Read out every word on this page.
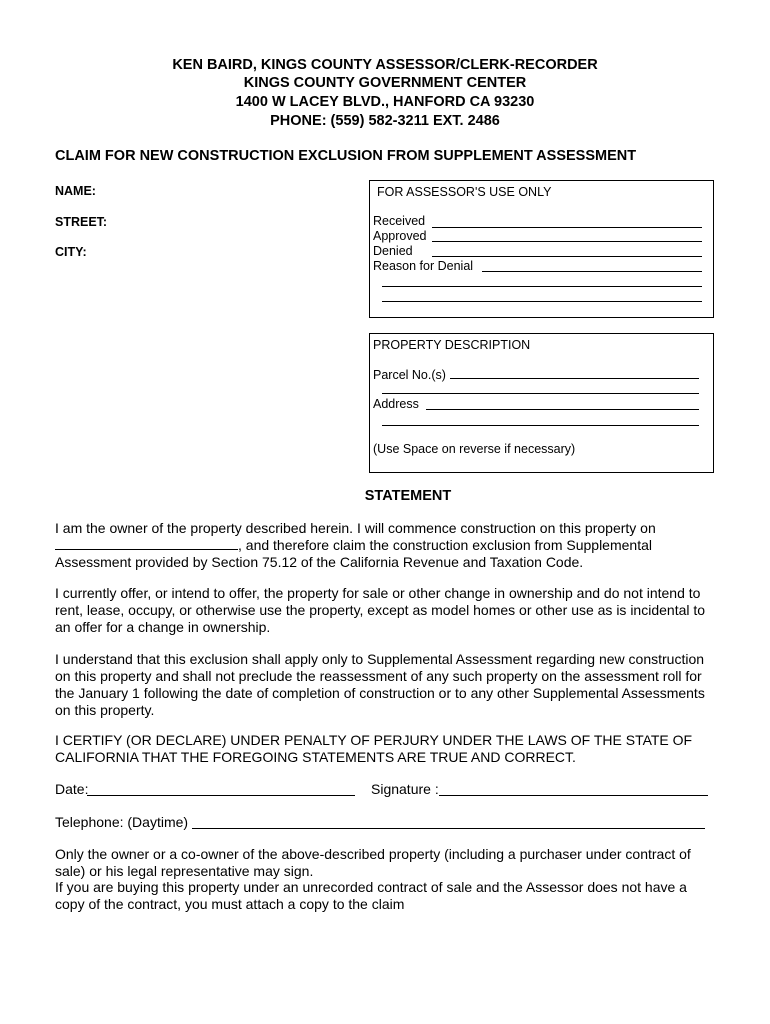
KEN BAIRD, KINGS COUNTY ASSESSOR/CLERK-RECORDER
KINGS COUNTY GOVERNMENT CENTER
1400 W LACEY BLVD., HANFORD CA 93230
PHONE: (559) 582-3211 EXT. 2486
CLAIM FOR NEW CONSTRUCTION EXCLUSION FROM SUPPLEMENT ASSESSMENT
NAME:
STREET:
CITY:
FOR ASSESSOR'S USE ONLY
Received
Approved
Denied
Reason for Denial
PROPERTY DESCRIPTION
Parcel No.(s)
Address
(Use Space on reverse if necessary)
STATEMENT
I am the owner of the property described herein. I will commence construction on this property on
, and therefore claim the construction exclusion from Supplemental
Assessment provided by Section 75.12 of the California Revenue and Taxation Code.
I currently offer, or intend to offer, the property for sale or other change in ownership and do not intend to rent, lease, occupy, or otherwise use the property, except as model homes or other use as is incidental to an offer for a change in ownership.
I understand that this exclusion shall apply only to Supplemental Assessment regarding new construction on this property and shall not preclude the reassessment of any such property on the assessment roll for the January 1 following the date of completion of construction or to any other Supplemental Assessments on this property.
I CERTIFY (OR DECLARE) UNDER PENALTY OF PERJURY UNDER THE LAWS OF THE STATE OF CALIFORNIA THAT THE FOREGOING STATEMENTS ARE TRUE AND CORRECT.
Date:	Signature :
Telephone: (Daytime)
Only the owner or a co-owner of the above-described property (including a purchaser under contract of sale) or his legal representative may sign.
If you are buying this property under an unrecorded contract of sale and the Assessor does not have a copy of the contract, you must attach a copy to the claim
